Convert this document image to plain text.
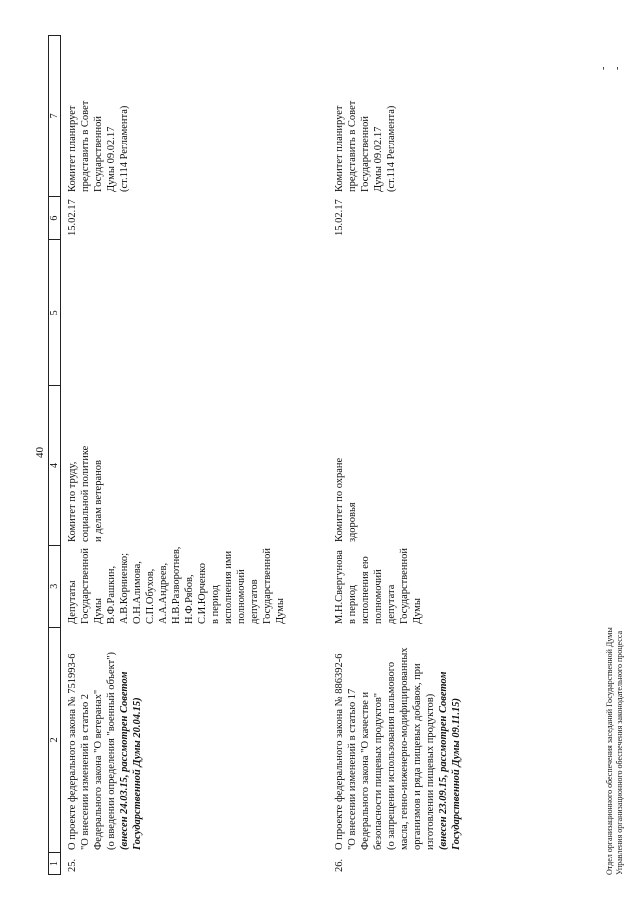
40
1
2
3
4
5
6
7
25.
О проекте федерального закона № 751993-6 "О внесении изменений в статью 2 Федерального закона "О ветеранах" (о введении определения "военный объект") (внесен 24.03.15, рассмотрен Советом Государственной Думы 20.04.15)
Депутаты Государственной Думы В.Ф.Рашкин, А.В.Корниенко; О.Н.Алимова, С.П.Обухов, А.А.Андреев, Н.В.Разворотнев, Н.Ф.Рябов, С.И.Юрченко в период исполнения ими полномочий депутатов Государственной Думы
Комитет по труду, социальной политике и делам ветеранов
15.02.17
Комитет планирует представить в Совет Государственной Думы 09.02.17 (ст.114 Регламента)
26.
О проекте федерального закона № 886392-6 "О внесении изменений в статью 17 Федерального закона "О качестве и безопасности пищевых продуктов" (о запрещении использования пальмового масла, генно-инженерно-модифицированных организмов и ряда пищевых добавок, при изготовлении пищевых продуктов) (внесен 23.09.15, рассмотрен Советом Государственной Думы 09.11.15)
М.Н.Свергунова в период исполнения ею полномочий депутата Государственной Думы
Комитет по охране здоровья
15.02.17
Комитет планирует представить в Совет Государственной Думы 09.02.17 (ст.114 Регламента)
Отдел организационного обеспечения заседаний Государственной Думы Управления организационного обеспечения законодательного процесса
- -
